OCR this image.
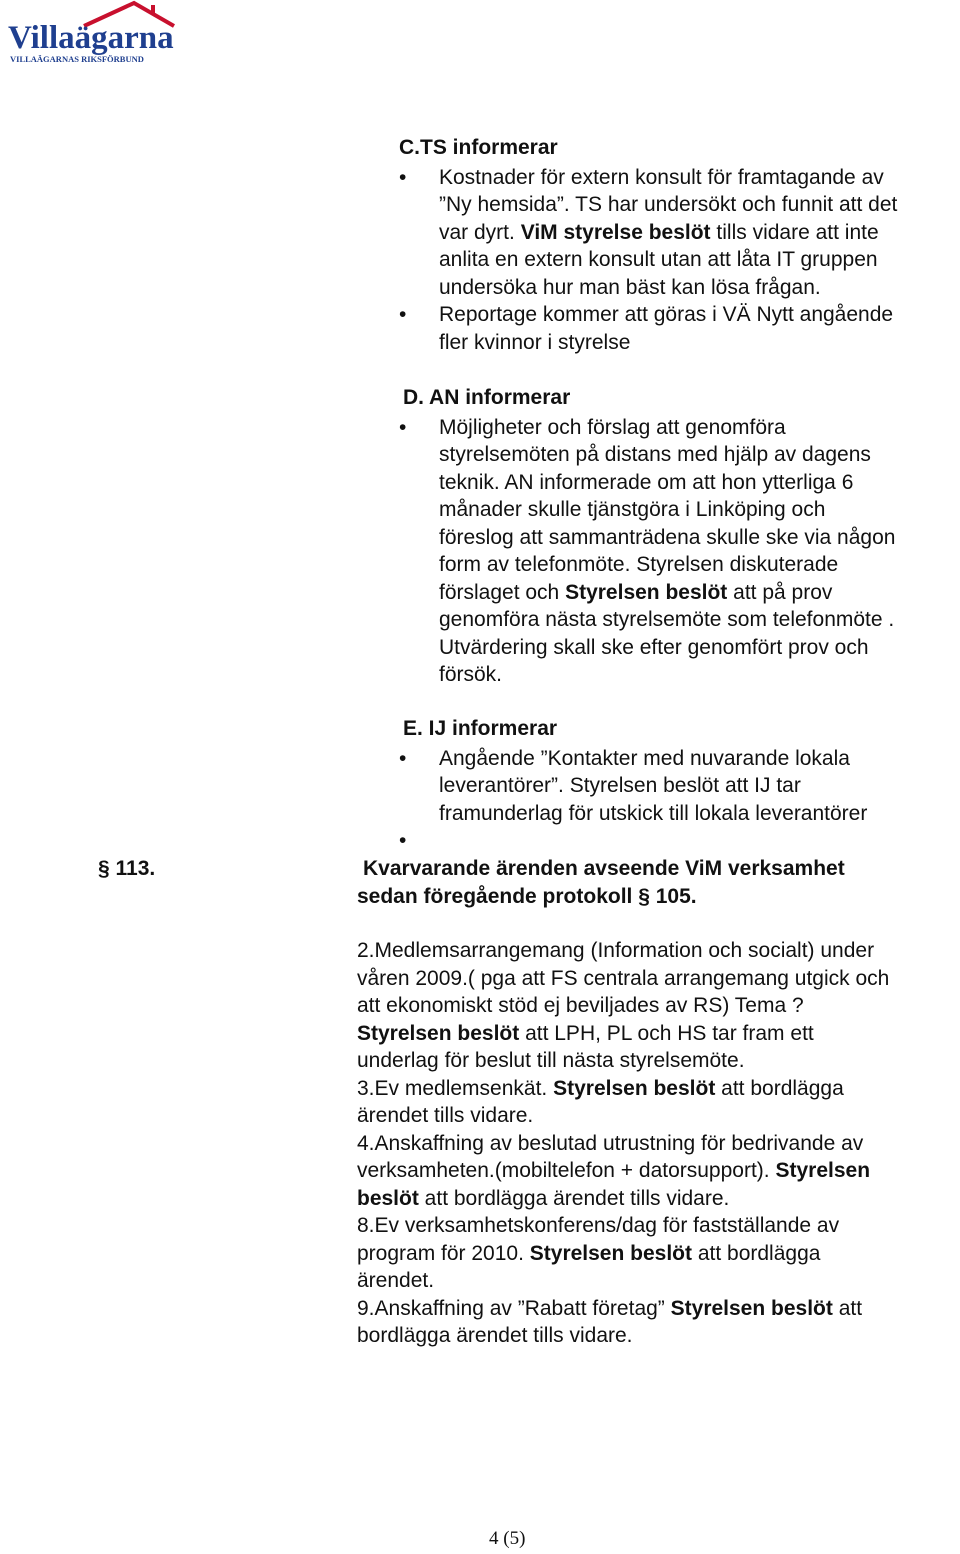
Villaägarna
VILLAÄGARNAS RIKSFÖRBUND
C.TS informerar
• Kostnader för extern konsult för framtagande av
”Ny hemsida”. TS har undersökt och funnit att det
var dyrt. ViM styrelse beslöt tills vidare att inte
anlita en extern konsult utan att låta IT gruppen
undersöka hur man bäst kan lösa frågan.
• Reportage kommer att göras i VÄ Nytt angående
fler kvinnor i styrelse
D. AN informerar
• Möjligheter och förslag att genomföra
styrelsemöten på distans med hjälp av dagens
teknik. AN informerade om att hon ytterliga 6
månader skulle tjänstgöra i Linköping och
föreslog att sammanträdena skulle ske via någon
form av telefonmöte. Styrelsen diskuterade
förslaget och Styrelsen beslöt att på prov
genomföra nästa styrelsemöte som telefonmöte .
Utvärdering skall ske efter genomfört prov och
försök.
E. IJ informerar
• Angående ”Kontakter med nuvarande lokala
leverantörer”. Styrelsen beslöt att IJ tar
framunderlag för utskick till lokala leverantörer
•
§ 113.	Kvarvarande ärenden avseende ViM verksamhet
sedan föregående protokoll § 105.
2.Medlemsarrangemang (Information och socialt) under
våren 2009.( pga att FS centrala arrangemang utgick och
att ekonomiskt stöd ej beviljades av RS) Tema ?
Styrelsen beslöt att LPH, PL och HS tar fram ett
underlag för beslut till nästa styrelsemöte.
3.Ev medlemsenkät. Styrelsen beslöt att bordlägga
ärendet tills vidare.
4.Anskaffning av beslutad utrustning för bedrivande av
verksamheten.(mobiltelefon + datorsupport). Styrelsen
beslöt att bordlägga ärendet tills vidare.
8.Ev verksamhetskonferens/dag för fastställande av
program för 2010. Styrelsen beslöt att bordlägga
ärendet.
9.Anskaffning av ”Rabatt företag” Styrelsen beslöt att
bordlägga ärendet tills vidare.
4 (5)
